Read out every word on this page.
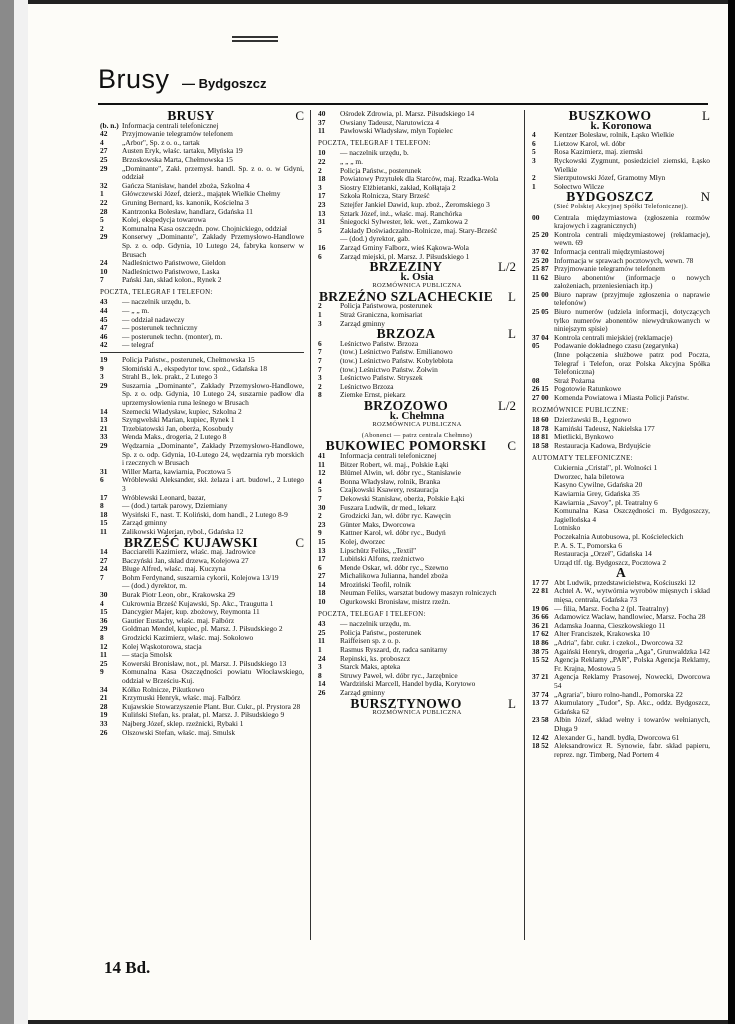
Brusy — Bydgoszcz
BRUSY	C
(b. n.) Informacja centrali telefonicznej
42	Przyjmowanie telegramów telefonem
4	„Arbor", Sp. z o. o., tartak
27	Austen Eryk, właśc. tartaku, Młyńska 19
25	Brzoskowska Marta, Chełmowska 15
29	„Dominante", Zakł. przemysł. handl. Sp. z o. o. w Gdyni, oddział
32	Gańcza Stanisław, handel zboża, Szkolna 4
1	Główczewski Józef, dzierż., majątek Wielkie Chełmy
22	Gruning Bernard, ks. kanonik, Kościelna 3
28	Kantrzonka Bolesław, handlarz, Gdańska 11
5	Kolej, ekspedycja towarowa
2	Komunalna Kasa oszczędn. pow. Chojnickiego, oddział
29	Konserwy „Dominante", Zakłady Przemysłowo-Handlowe Sp. z o. odp. Gdynia, 10 Lutego 24, fabryka konserw w Brusach
24	Nadleśnictwo Państwowe, Gieldon
10	Nadleśnictwo Państwowe, Laska
7	Pański Jan, skład kolon., Rynek 2
POCZTA, TELEGRAF I TELEFON:
43	— naczelnik urzędu, b.
44	— „ „ m.
45	— oddział nadawczy
47	— posterunek techniczny
46	— posterunek techn. (monter), m.
42	— telegraf
19	Policja Państw., posterunek, Chełmowska 15
9	Słomiński A., ekspedytor tow. spoż., Gdańska 18
3	Strahl B., lek. prakt., 2 Lutego 3
29	Suszarnia „Dominante", Zakłady Przemysłowo-Handlowe, Sp. z o. odp. Gdynia, 10 Lutego 24, suszarnie padłow dla uprzemysłowienia runa leśnego w Brusach
14	Szemecki Władysław, kupiec, Szkolna 2
13	Szyngwelski Marian, kupiec, Rynek 1
21	Trzebiatowski Jan, oberża, Kosobudy
33	Wenda Maks., drogeria, 2 Lutego 8
29	Wędzarnia „Dominante", Zakłady Przemysłowo-Handlowe, Sp. z o. odp. Gdynia, 10-Lutego 24, wędzarnia ryb morskich i rzecznych w Brusach
31	Willer Marta, kawiarnia, Pocztowa 5
6	Wróblewski Aleksander, skł. żelaza i art. budowl., 2 Lutego 3
17	Wróblewski Leonard, bazar,
8	— (dod.) tartak parowy, Dziemiany
18	Wysiński F., nast. T. Koliński, dom handl., 2 Lutego 8-9
15	Zarząd gminny
11	Zalikowski Walerian, rybol., Gdańska 12
BRZEŚĆ KUJAWSKI	C
14	Bacciarelli Kazimierz, właśc. maj. Jadrowice
27	Baczyński Jan, skład drzewa, Kolejowa 27
24	Bluge Alfred, właśc. maj. Kuczyna
7	Bohm Ferdynand, suszarnia cykorii, Kolejowa 13/19
— (dod.) dyrektor, m.
30	Burak Piotr Leon, obr., Krakowska 29
4	Cukrownia Brześć Kujawski, Sp. Akc., Traugutta 1
15	Dancygier Majer, kup. zbożowy, Reymonta 11
36	Gautier Eustachy, właśc. maj. Falbórz
29	Goldman Mendel, kupiec, pl. Marsz. J. Piłsudskiego 2
8	Grodzicki Kazimierz, właśc. maj. Sokołowo
12	Kolej Wąskotorowa, stacja
11	— stacja Smolsk
25	Kowerski Bronisław, not., pl. Marsz. J. Piłsudskiego 13
9	Komunalna Kasa Oszczędności powiatu Włocławskiego, oddział w Brześciu-Kuj.
34	Kółko Rolnicze, Pikutkowo
21	Krzymuski Henryk, właśc. maj. Falbórz
28	Kujawskie Stowarzyszenie Plant. Bur. Cukr., pl. Prystora 28
19	Kuliński Stefan, ks. prałat, pl. Marsz. J. Piłsudskiego 9
33	Najberg Józef, sklep. rzeźnicki, Rybaki 1
26	Olszowski Stefan, właśc. maj. Smulsk
40	Ośrodek Zdrowia, pl. Marsz. Piłsudskiego 14
37	Owsiany Tadeusz, Narutowicza 4
11	Pawłowski Władysław, młyn Topielec
POCZTA, TELEGRAF I TELEFON:
10	— naczelnik urzędu, b.
22	„ „ „ m.
2	Policja Państw., posterunek
18	Powiatowy Przytułek dla Starców, maj. Rzadka-Wola
3	Siostry Elżbietanki, zakład, Kołłątaja 2
17	Szkoła Rolnicza, Stary Brześć
23	Sztejfer Jankiel Dawid, kup. zboż., Żeromskiego 3
13	Sztark Józef, inż., właśc. maj. Ranchórka
31	Śniegocki Sylwester, lek. wet., Zamkowa 2
5	Zakłady Doświadczalno-Rolnicze, maj. Stary-Brześć
— (dod.) dyrektor, gab.
16	Zarząd Gminy Falborz, wieś Kąkowa-Wola
6	Zarząd miejski, pl. Marsz. J. Piłsudskiego 1
BRZEZINY	L/2
k. Osia
ROZMÓWNICA PUBLICZNA
BRZEŹNO SZLACHECKIE	L
2	Policja Państwowa, posterunek
1	Straż Graniczna, komisariat
3	Zarząd gminny
BRZOZA	L
6	Leśnictwo Państw. Brzoza
7	(tow.) Leśnictwo Państw. Emilianowo
7	(tow.) Leśnictwo Państw. Kobylebłota
7	(tow.) Leśnictwo Państw. Żołwin
3	Leśnictwo Państw. Stryszek
2	Leśnictwo Brzoza
8	Ziemke Ernst, piekarz
BRZOZOWO	L/2
k. Chełmna
ROZMÓWNICA PUBLICZNA
(Abonenci — patrz centrala Chełmno)
BUKOWIEC POMORSKI	C
41	Informacja centrali telefonicznej
11	Bitzer Robert, wł. maj., Polskie Łąki
12	Blümel Alwin, wł. dóbr ryc., Stanisławie
4	Bonna Władysław, rolnik, Branka
5	Czajkowski Ksawery, restauracja
7	Dekowski Stanisław, oberża, Polskie Łąki
30	Fuszara Ludwik, dr med., lekarz
2	Grodzicki Jan, wł. dóbr ryc. Kawęcin
23	Günter Maks, Dworcowa
9	Kattner Karol, wł. dóbr ryc., Budyń
15	Kolej, dworzec
13	Lipschütz Feliks, „Textil"
17	Lubiński Alfons, rzeźnictwo
6	Mende Oskar, wł. dóbr ryc., Szewno
27	Michalikowa Julianna, handel zboża
14	Mroziński Teofil, rolnik
18	Neuman Feliks, warsztat budowy maszyn rolniczych
10	Ogurkowski Bronisław, mistrz rzeźn.
POCZTA, TELEGAF I TELEFON:
43	— naczelnik urzędu, m.
25	Policja Państw., posterunek
11	Raiffeisen sp. z o. p.
1	Rasmus Ryszard, dr, radca sanitarny
24	Repinski, ks. proboszcz
3	Starck Maks, apteka
8	Struwy Paweł, wł. dóbr ryc., Jarzębnice
14	Wardziński Marcell, Handel bydła, Korytowo
26	Zarząd gminny
BURSZTYNOWO	L
ROZMÓWNICA PUBLICZNA
BUSZKOWO	L
k. Koronowa
4	Kentzer Bolesław, rolnik, Łąsko Wielkie
6	Lietzow Karol, wł. dóbr
5	Rosa Kazimierz, maj. ziemski
3	Ryckowski Zygmunt, posiedziciel ziemski, Łąsko Wielkie
2	Sierzputowski Józef, Gramotny Młyn
1	Sołectwo Wilcze
BYDGOSZCZ	N
(Sieć Polskiej Akcyjnej Spółki Telefonicznej).
00	Centrala międzymiastowa (zgłoszenia rozmów krajowych i zagranicznych)
25 20 Kontrola centrali międzymiastowej (reklamacje), wewn. 69
37 02 Informacja centrali międzymiastowej
25 20 Informacja w sprawach pocztowych, wewn. 78
25 87 Przyjmowanie telegramów telefonem
11 62 Biuro abonentów (informacje o nowych założeniach, przeniesieniach itp.)
25 00 Biuro napraw (przyjmuje zgłoszenia o naprawie telefonów)
25 05 Biuro numerów (udziela informacji, dotyczących tylko numerów abonentów niewydrukowanych w niniejszym spisie)
37 04 Kontrola centrali miejskiej (reklamacje)
05	Podawanie dokładnego czasu (zegarynka)
(Inne połączenia służbowe patrz pod Poczta, Telegraf i Telefon, oraz Polska Akcyjna Spółka Telefoniczna)
08	Straż Pożarna
26 15 Pogotowie Ratunkowe
27 00 Komenda Powiatowa i Miasta Policji Państw.
ROZMÓWNICE PUBLICZNE:
18 60 Dzierżawski B., Łęgnowo
18 78 Kamiński Tadeusz, Nakielska 177
18 81 Mietlicki, Bynkowo
18 58 Restauracja Kadowa, Brdyujście
AUTOMATY TELEFONICZNE:
Cukiernia „Cristal", pl. Wolności 1
Dworzec, hala biletowa
Kasyno Cywilne, Gdańska 20
Kawiarnia Grey, Gdańska 35
Kawiarnia „Savoy", pl. Teatralny 6
Komunalna Kasa Oszczędności m. Bydgoszczy, Jagiellońska 4
Lotnisko
Poczekalnia Autobusowa, pl. Kościeleckich
P. A. S. T., Pomorska 6
Restauracja „Orzeł", Gdańska 14
Urząd tlf. tlg. Bydgoszcz, Pocztowa 2
A
17 77 Abt Ludwik, przedstawicielstwa, Kościuszki 12
22 81 Achtel A. W., wytwórnia wyrobów mięsnych i skład mięsa, centrala, Gdańska 73
19 06 — filia, Marsz. Focha 2 (pl. Teatralny)
36 66 Adamowicz Wacław, handlowiec, Marsz. Focha 28
36 21 Adamska Joanna, Cieszkowskiego 11
17 62 Alter Franciszek, Krakowska 10
18 86 „Adria", fabr. cukr. i czekol., Dworcowa 32
38 75 Agaiński Henryk, drogeria „Aga", Grunwaldzka 142
15 52 Agencja Reklamy „PAR", Polska Agencja Reklamy, Fr. Krajna, Mostowa 5
37 21 Agencja Reklamy Prasowej, Nowecki, Dworcowa 54
37 74 „Agraria", biuro rolno-handl., Pomorska 22
13 77 Akumulatory „Tudor", Sp. Akc., oddz. Bydgoszcz, Gdańska 62
23 58 Albin Józef, skład wełny i towarów wełnianych, Długa 9
12 42 Alexander G., handl. bydła, Dworcowa 61
18 52 Aleksandrowicz R. Synowie, fabr. skład papieru, reprez. ngr. Timberg, Nad Portem 4
14 Bd.
